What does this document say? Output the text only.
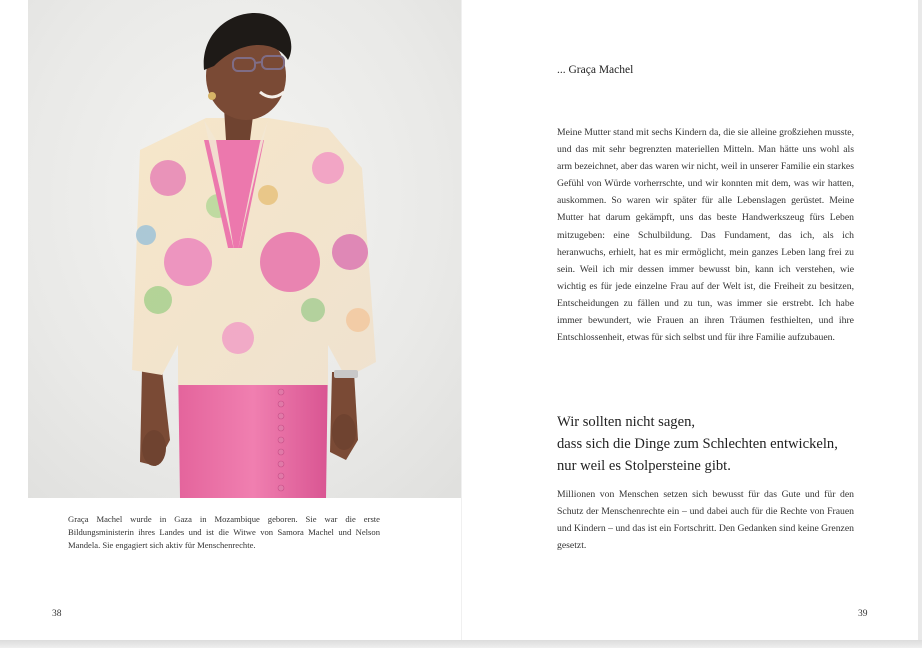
Graça Machel wurde in Gaza in Mozambique geboren. Sie war die erste Bildungsministerin ihres Landes und ist die Witwe von Samora Machel und Nelson Mandela. Sie engagiert sich aktiv für Menschenrechte.
38
... Graça Machel
Meine Mutter stand mit sechs Kindern da, die sie alleine großziehen musste, und das mit sehr begrenzten materiellen Mitteln. Man hätte uns wohl als arm bezeichnet, aber das waren wir nicht, weil in unserer Familie ein starkes Gefühl von Würde vorherrschte, und wir konnten mit dem, was wir hatten, auskommen. So waren wir später für alle Lebenslagen gerüstet. Meine Mutter hat darum gekämpft, uns das beste Handwerkszeug fürs Leben mitzugeben: eine Schulbildung. Das Fundament, das ich, als ich heranwuchs, erhielt, hat es mir ermöglicht, mein ganzes Leben lang frei zu sein. Weil ich mir dessen immer bewusst bin, kann ich verstehen, wie wichtig es für jede einzelne Frau auf der Welt ist, die Freiheit zu besitzen, Entscheidungen zu fällen und zu tun, was immer sie erstrebt. Ich habe immer bewundert, wie Frauen an ihren Träumen festhielten, und ihre Entschlossenheit, etwas für sich selbst und für ihre Familie aufzubauen.
Wir sollten nicht sagen,
dass sich die Dinge zum Schlechten entwickeln,
nur weil es Stolpersteine gibt.
Millionen von Menschen setzen sich bewusst für das Gute und für den Schutz der Menschenrechte ein – und dabei auch für die Rechte von Frauen und Kindern – und das ist ein Fortschritt. Den Gedanken sind keine Grenzen gesetzt.
39
